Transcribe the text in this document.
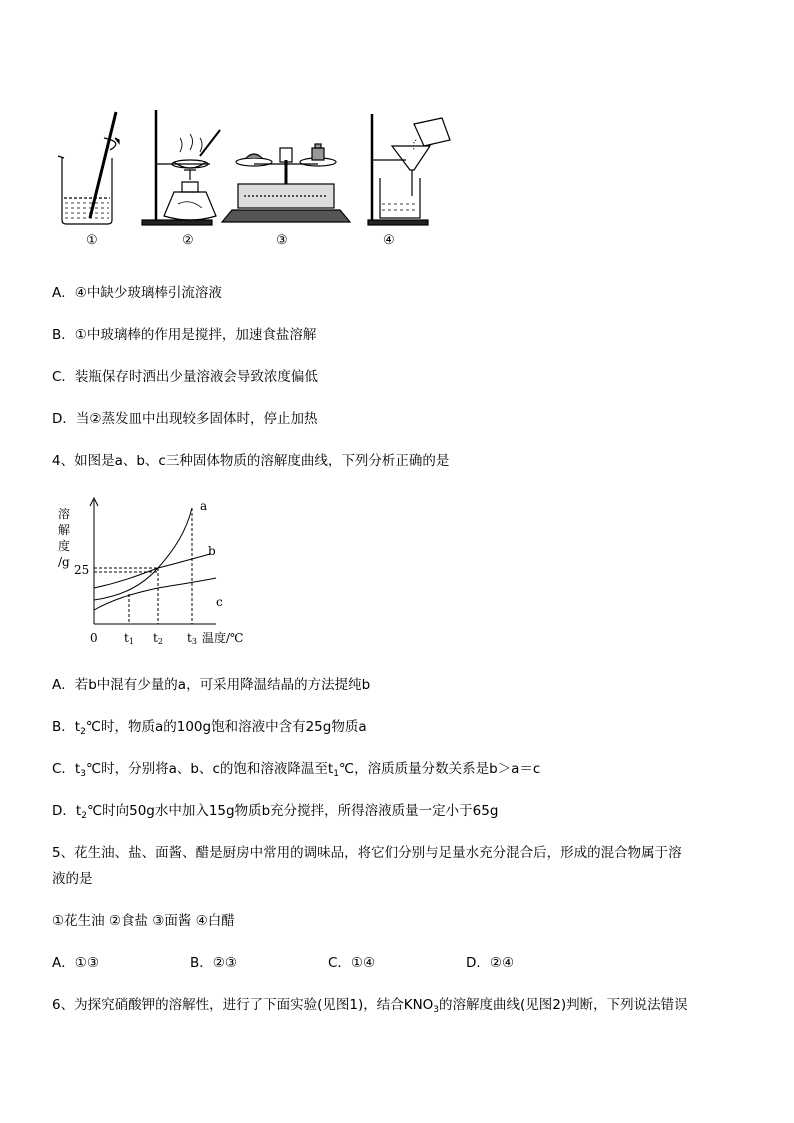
①	②	③	④
A．④中缺少玻璃棒引流溶液
B．①中玻璃棒的作用是搅拌，加速食盐溶解
C．装瓶保存时洒出少量溶液会导致浓度偏低
D．当②蒸发皿中出现较多固体时，停止加热
4、如图是a、b、c三种固体物质的溶解度曲线，下列分析正确的是
溶
解
度
/g
25
0 t1 t2 t3 温度/℃
a
b
c
A．若b中混有少量的a，可采用降温结晶的方法提纯b
B．$t_2℃$时，物质a的100g饱和溶液中含有25g物质a
C．$t_3℃$时，分别将a、b、c的饱和溶液降温至$t_1℃$，溶质质量分数关系是b＞a＝c
D．$t_2℃$时向50g水中加入15g物质b充分搅拌，所得溶液质量一定小于65g
5、花生油、盐、面酱、醋是厨房中常用的调味品，将它们分别与足量水充分混合后，形成的混合物属于溶
液的是
①花生油 ②食盐 ③面酱 ④白醋
A．①③	B．②③	C．①④	D．②④
6、为探究硝酸钾的溶解性，进行了下面实验(见图1)，结合$KNO_3$的溶解度曲线(见图2)判断，下列说法错误
